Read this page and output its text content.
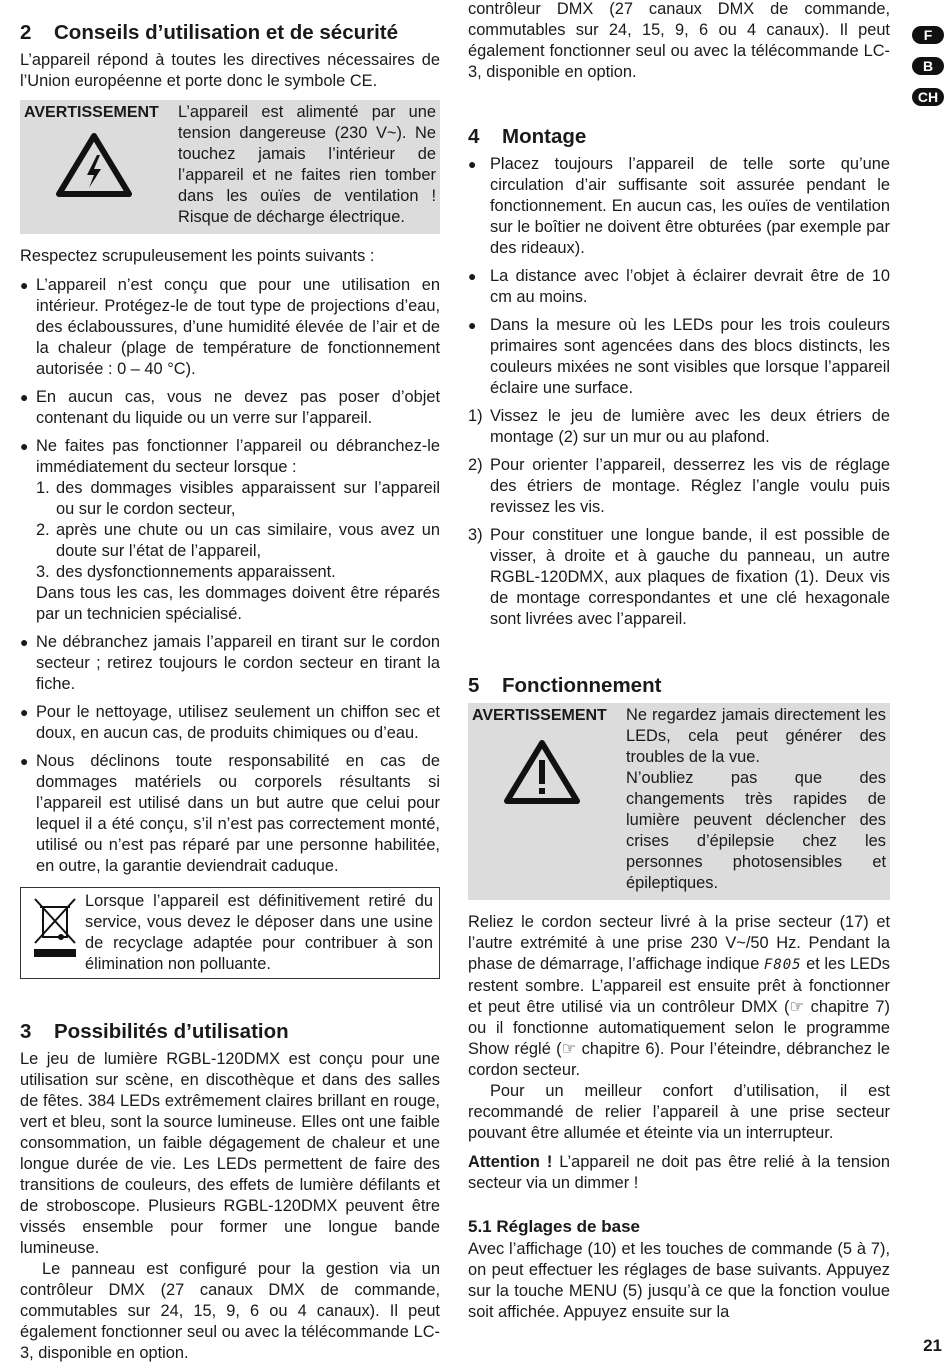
2 Conseils d’utilisation et de sécurité

L’appareil répond à toutes les directives nécessaires de l’Union européenne et porte donc le symbole CE.

AVERTISSEMENT	L’appareil est alimenté par une tension dangereuse (230 V~). Ne touchez jamais l’intérieur de l’appareil et ne faites rien tomber dans les ouïes de ventilation ! Risque de décharge électrique.

Respectez scrupuleusement les points suivants :

● L’appareil n’est conçu que pour une utilisation en intérieur. Protégez-le de tout type de projections d’eau, des éclaboussures, d’une humidité élevée de l’air et de la chaleur (plage de température de fonctionnement autorisée : 0 – 40 °C).
● En aucun cas, vous ne devez pas poser d’objet contenant du liquide ou un verre sur l’appareil.
● Ne faites pas fonctionner l’appareil ou débranchez-le immédiatement du secteur lorsque :
1. des dommages visibles apparaissent sur l’appareil ou sur le cordon secteur,
2. après une chute ou un cas similaire, vous avez un doute sur l’état de l’appareil,
3. des dysfonctionnements apparaissent.
Dans tous les cas, les dommages doivent être réparés par un technicien spécialisé.
● Ne débranchez jamais l’appareil en tirant sur le cordon secteur ; retirez toujours le cordon secteur en tirant la fiche.
● Pour le nettoyage, utilisez seulement un chiffon sec et doux, en aucun cas, de produits chimiques ou d’eau.
● Nous déclinons toute responsabilité en cas de dommages matériels ou corporels résultants si l’appareil est utilisé dans un but autre que celui pour lequel il a été conçu, s’il n’est pas correctement monté, utilisé ou n’est pas réparé par une personne habilitée, en outre, la garantie deviendrait caduque.
Lorsque l’appareil est définitivement retiré du service, vous devez le déposer dans une usine de recyclage adaptée pour contribuer à son élimination non polluante.
3 Possibilités d’utilisation

Le jeu de lumière RGBL-120DMX est conçu pour une utilisation sur scène, en discothèque et dans des salles de fêtes. 384 LEDs extrêmement claires brillant en rouge, vert et bleu, sont la source lumineuse. Elles ont une faible consommation, un faible dégagement de chaleur et une longue durée de vie. Les LEDs permettent de faire des transitions de couleurs, des effets de lumière défilants et de stroboscope. Plusieurs RGBL-120DMX peuvent être vissés ensemble pour former une longue bande lumineuse.

Le panneau est configuré pour la gestion via un contrôleur DMX (27 canaux DMX de commande, commutables sur 24, 15, 9, 6 ou 4 canaux). Il peut également fonctionner seul ou avec la télécommande LC-3, disponible en option.

contrôleur DMX (27 canaux DMX de commande, commutables sur 24, 15, 9, 6 ou 4 canaux). Il peut également fonctionner seul ou avec la télécommande LC-3, disponible en option.

4 Montage
● Placez toujours l’appareil de telle sorte qu’une circulation d’air suffisante soit assurée pendant le fonctionnement. En aucun cas, les ouïes de ventilation sur le boîtier ne doivent être obturées (par exemple par des rideaux).
● La distance avec l’objet à éclairer devrait être de 10 cm au moins.
● Dans la mesure où les LEDs pour les trois couleurs primaires sont agencées dans des blocs distincts, les couleurs mixées ne sont visibles que lorsque l’appareil éclaire une surface.
1) Vissez le jeu de lumière avec les deux étriers de montage (2) sur un mur ou au plafond.
2) Pour orienter l’appareil, desserrez les vis de réglage des étriers de montage. Réglez l’angle voulu puis revissez les vis.
3) Pour constituer une longue bande, il est possible de visser, à droite et à gauche du panneau, un autre RGBL-120DMX, aux plaques de fixation (1). Deux vis de montage correspondantes et une clé hexagonale sont livrées avec l’appareil.
5 Fonctionnement
AVERTISSEMENT	Ne regardez jamais directement les LEDs, cela peut générer des troubles de la vue.
N’oubliez pas que des changements très rapides de lumière peuvent déclencher des crises d’épilepsie chez les personnes photosensibles et épileptiques.

Reliez le cordon secteur livré à la prise secteur (17) et l’autre extrémité à une prise 230 V~/50 Hz. Pendant la phase de démarrage, l’affichage indique F805 et les LEDs restent sombre. L’appareil est ensuite prêt à fonctionner et peut être utilisé via un contrôleur DMX (☞ chapitre 7) ou il fonctionne automatiquement selon le programme Show réglé (☞ chapitre 6). Pour l’éteindre, débranchez le cordon secteur.

Pour un meilleur confort d’utilisation, il est recommandé de relier l’appareil à une prise secteur pouvant être allumée et éteinte via un interrupteur.

Attention ! L’appareil ne doit pas être relié à la tension secteur via un dimmer !

5.1 Réglages de base

Avec l’affichage (10) et les touches de commande (5 à 7), on peut effectuer les réglages de base suivants. Appuyez sur la touche MENU (5) jusqu’à ce que la fonction voulue soit affichée. Appuyez ensuite sur la

F
B
CH
21
